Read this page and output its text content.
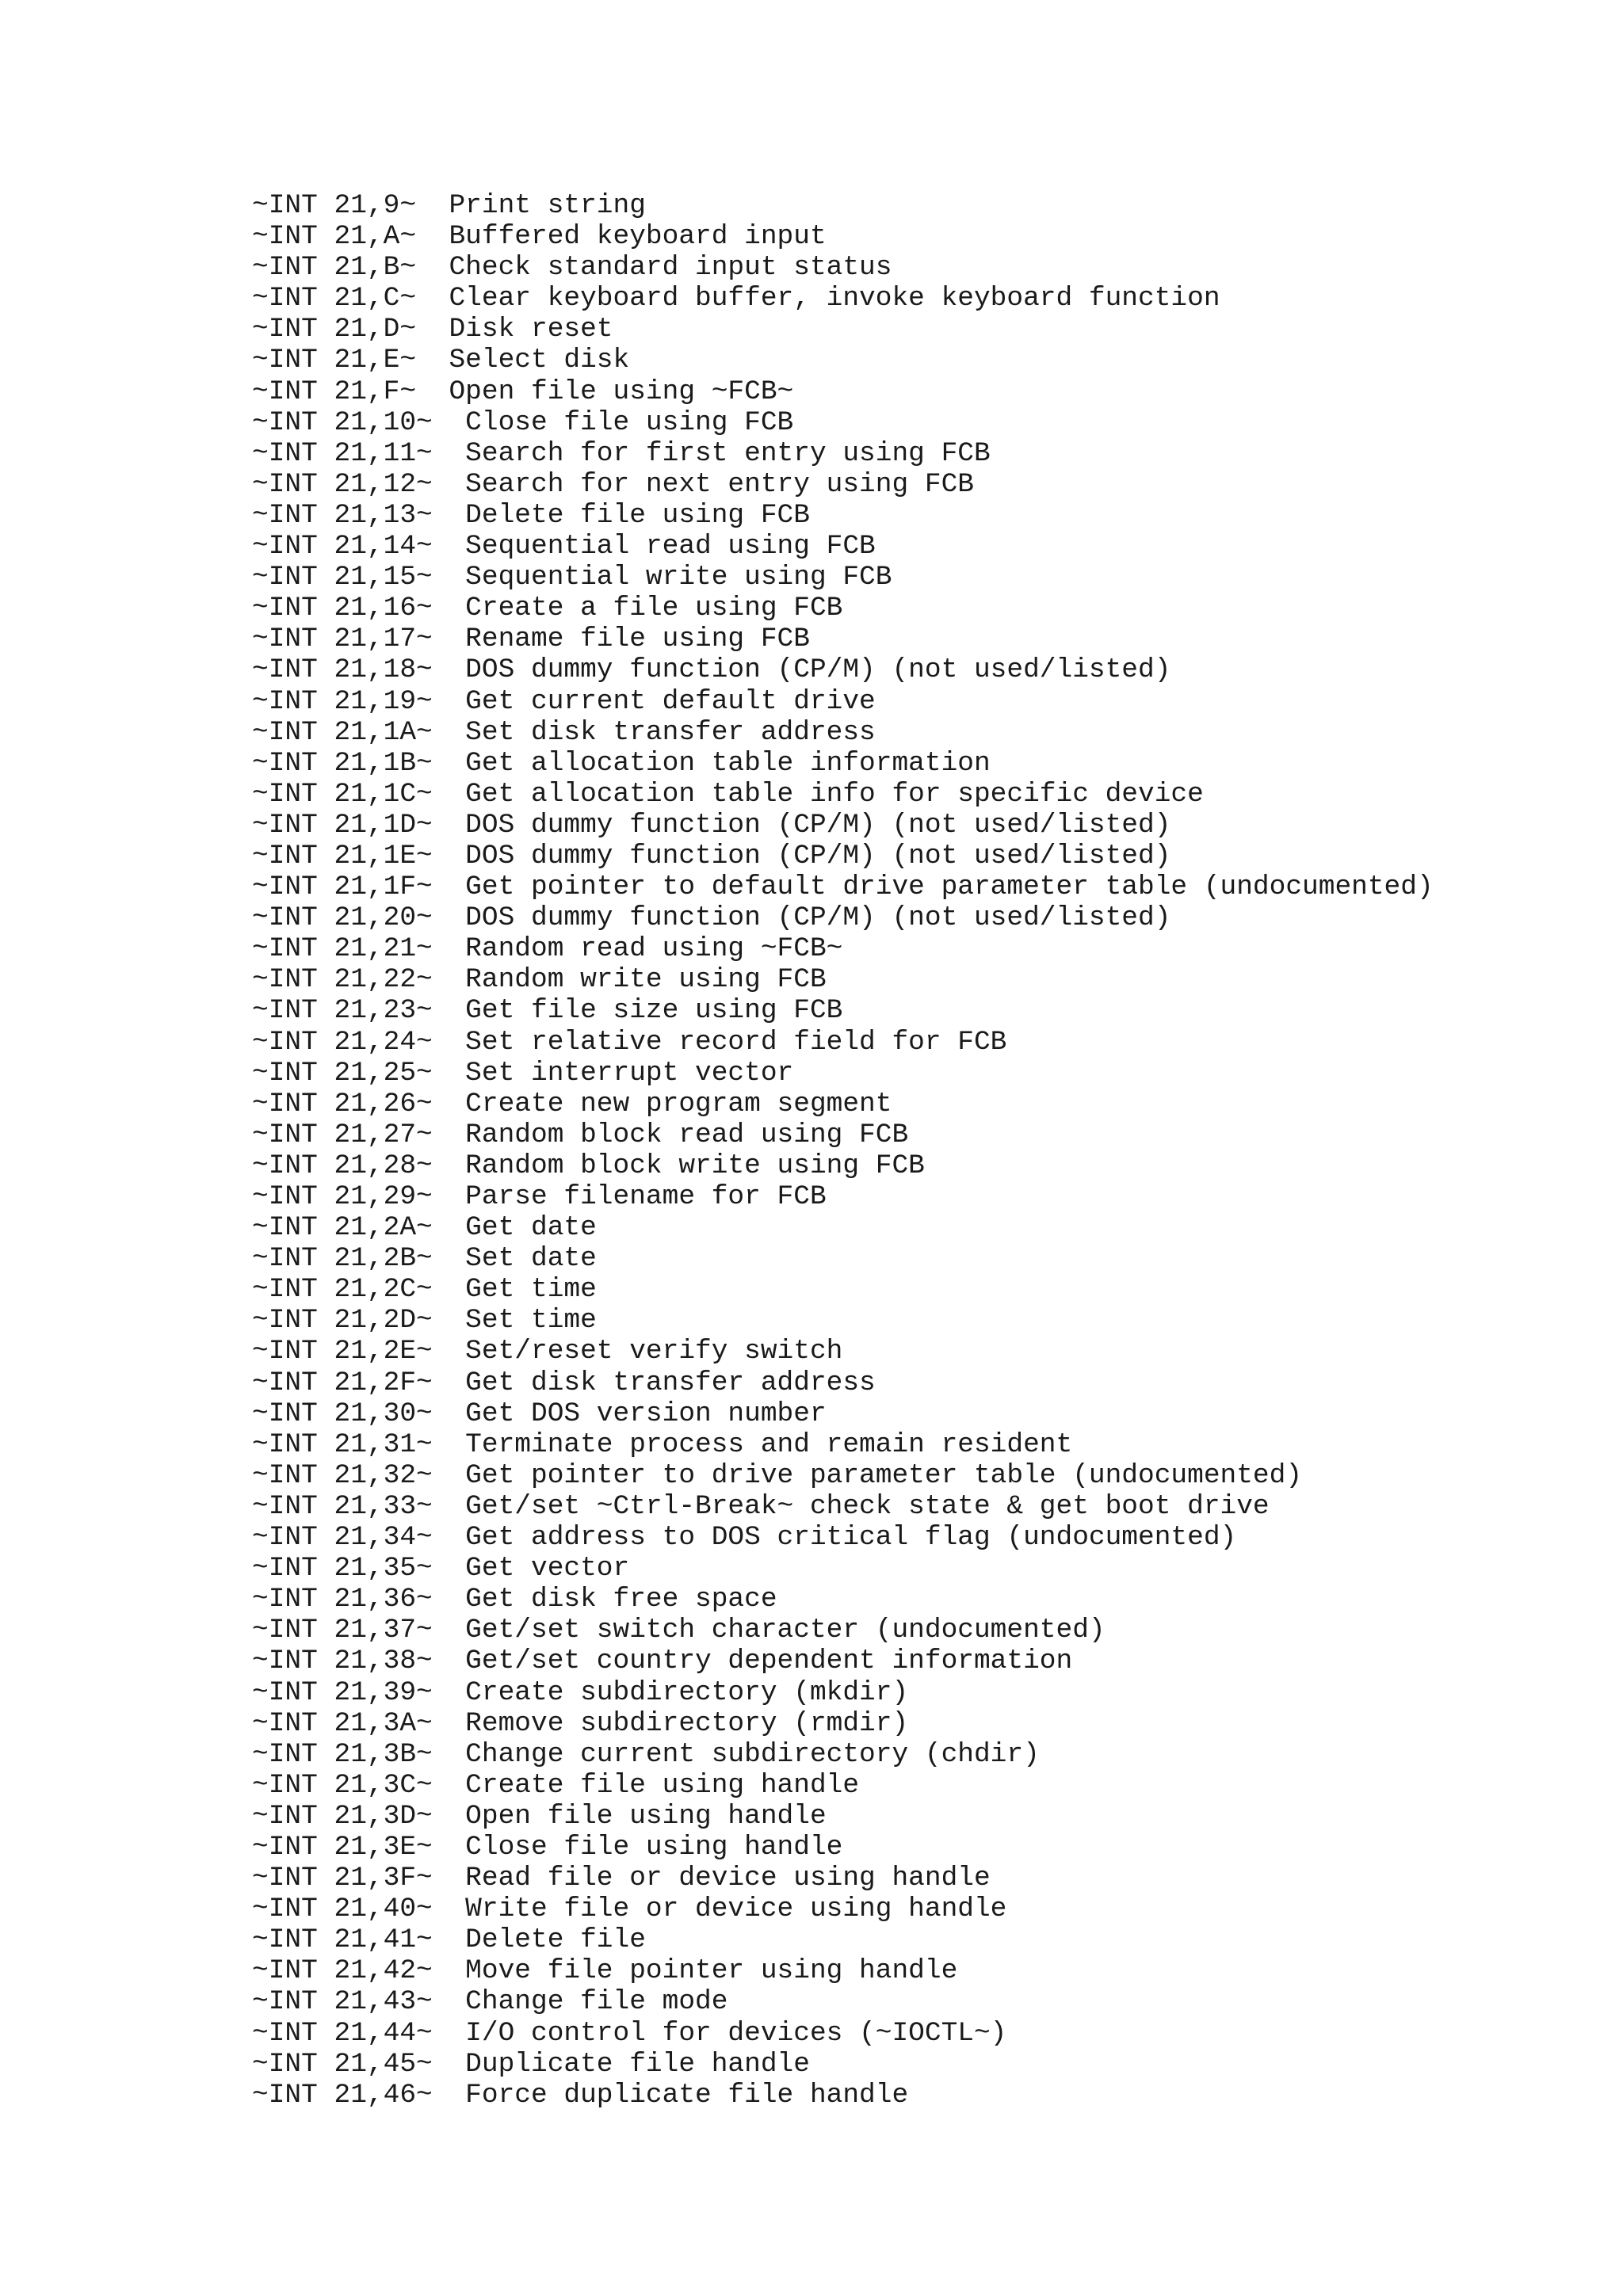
~INT 21,9~ Print string
~INT 21,A~ Buffered keyboard input
~INT 21,B~ Check standard input status
~INT 21,C~ Clear keyboard buffer, invoke keyboard function
~INT 21,D~ Disk reset
~INT 21,E~ Select disk
~INT 21,F~ Open file using ~FCB~
~INT 21,10~ Close file using FCB
~INT 21,11~ Search for first entry using FCB
~INT 21,12~ Search for next entry using FCB
~INT 21,13~ Delete file using FCB
~INT 21,14~ Sequential read using FCB
~INT 21,15~ Sequential write using FCB
~INT 21,16~ Create a file using FCB
~INT 21,17~ Rename file using FCB
~INT 21,18~ DOS dummy function (CP/M) (not used/listed)
~INT 21,19~ Get current default drive
~INT 21,1A~ Set disk transfer address
~INT 21,1B~ Get allocation table information
~INT 21,1C~ Get allocation table info for specific device
~INT 21,1D~ DOS dummy function (CP/M) (not used/listed)
~INT 21,1E~ DOS dummy function (CP/M) (not used/listed)
~INT 21,1F~ Get pointer to default drive parameter table (undocumented)
~INT 21,20~ DOS dummy function (CP/M) (not used/listed)
~INT 21,21~ Random read using ~FCB~
~INT 21,22~ Random write using FCB
~INT 21,23~ Get file size using FCB
~INT 21,24~ Set relative record field for FCB
~INT 21,25~ Set interrupt vector
~INT 21,26~ Create new program segment
~INT 21,27~ Random block read using FCB
~INT 21,28~ Random block write using FCB
~INT 21,29~ Parse filename for FCB
~INT 21,2A~ Get date
~INT 21,2B~ Set date
~INT 21,2C~ Get time
~INT 21,2D~ Set time
~INT 21,2E~ Set/reset verify switch
~INT 21,2F~ Get disk transfer address
~INT 21,30~ Get DOS version number
~INT 21,31~ Terminate process and remain resident
~INT 21,32~ Get pointer to drive parameter table (undocumented)
~INT 21,33~ Get/set ~Ctrl-Break~ check state & get boot drive
~INT 21,34~ Get address to DOS critical flag (undocumented)
~INT 21,35~ Get vector
~INT 21,36~ Get disk free space
~INT 21,37~ Get/set switch character (undocumented)
~INT 21,38~ Get/set country dependent information
~INT 21,39~ Create subdirectory (mkdir)
~INT 21,3A~ Remove subdirectory (rmdir)
~INT 21,3B~ Change current subdirectory (chdir)
~INT 21,3C~ Create file using handle
~INT 21,3D~ Open file using handle
~INT 21,3E~ Close file using handle
~INT 21,3F~ Read file or device using handle
~INT 21,40~ Write file or device using handle
~INT 21,41~ Delete file
~INT 21,42~ Move file pointer using handle
~INT 21,43~ Change file mode
~INT 21,44~ I/O control for devices (~IOCTL~)
~INT 21,45~ Duplicate file handle
~INT 21,46~ Force duplicate file handle
